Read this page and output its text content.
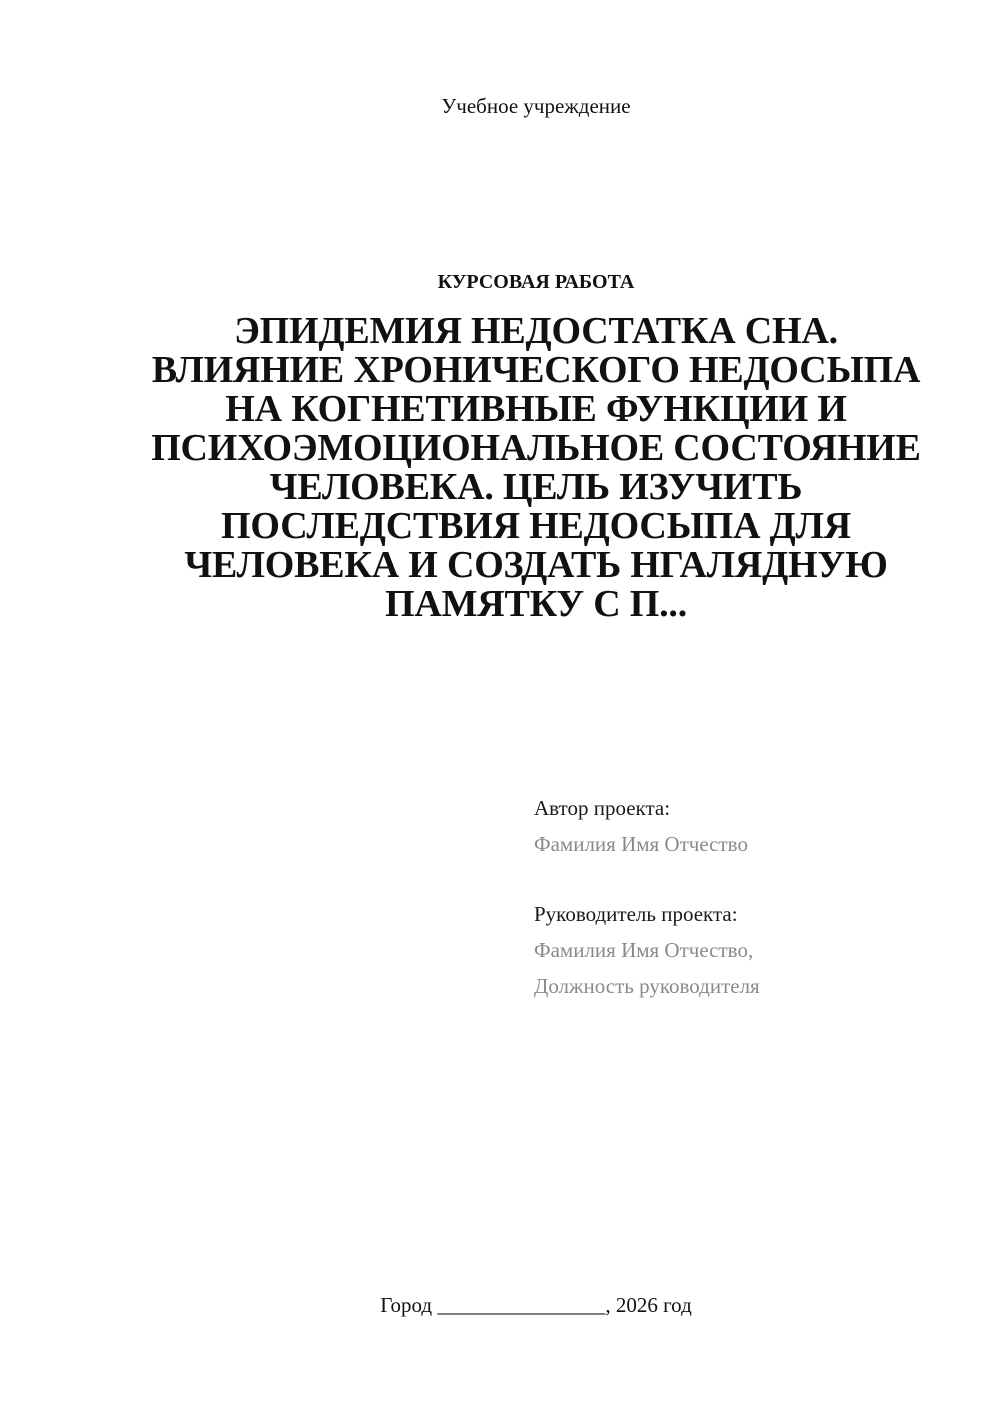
Учебное учреждение
КУРСОВАЯ РАБОТА
ЭПИДЕМИЯ НЕДОСТАТКА СНА. ВЛИЯНИЕ ХРОНИЧЕСКОГО НЕДОСЫПА НА КОГНЕТИВНЫЕ ФУНКЦИИ И ПСИХОЭМОЦИОНАЛЬНОЕ СОСТОЯНИЕ ЧЕЛОВЕКА. ЦЕЛЬ ИЗУЧИТЬ ПОСЛЕДСТВИЯ НЕДОСЫПА ДЛЯ ЧЕЛОВЕКА И СОЗДАТЬ НГАЛЯДНУЮ ПАМЯТКУ С П...
Автор проекта:
Фамилия Имя Отчество
Руководитель проекта:
Фамилия Имя Отчество,
Должность руководителя
Город ________________, 2026 год
